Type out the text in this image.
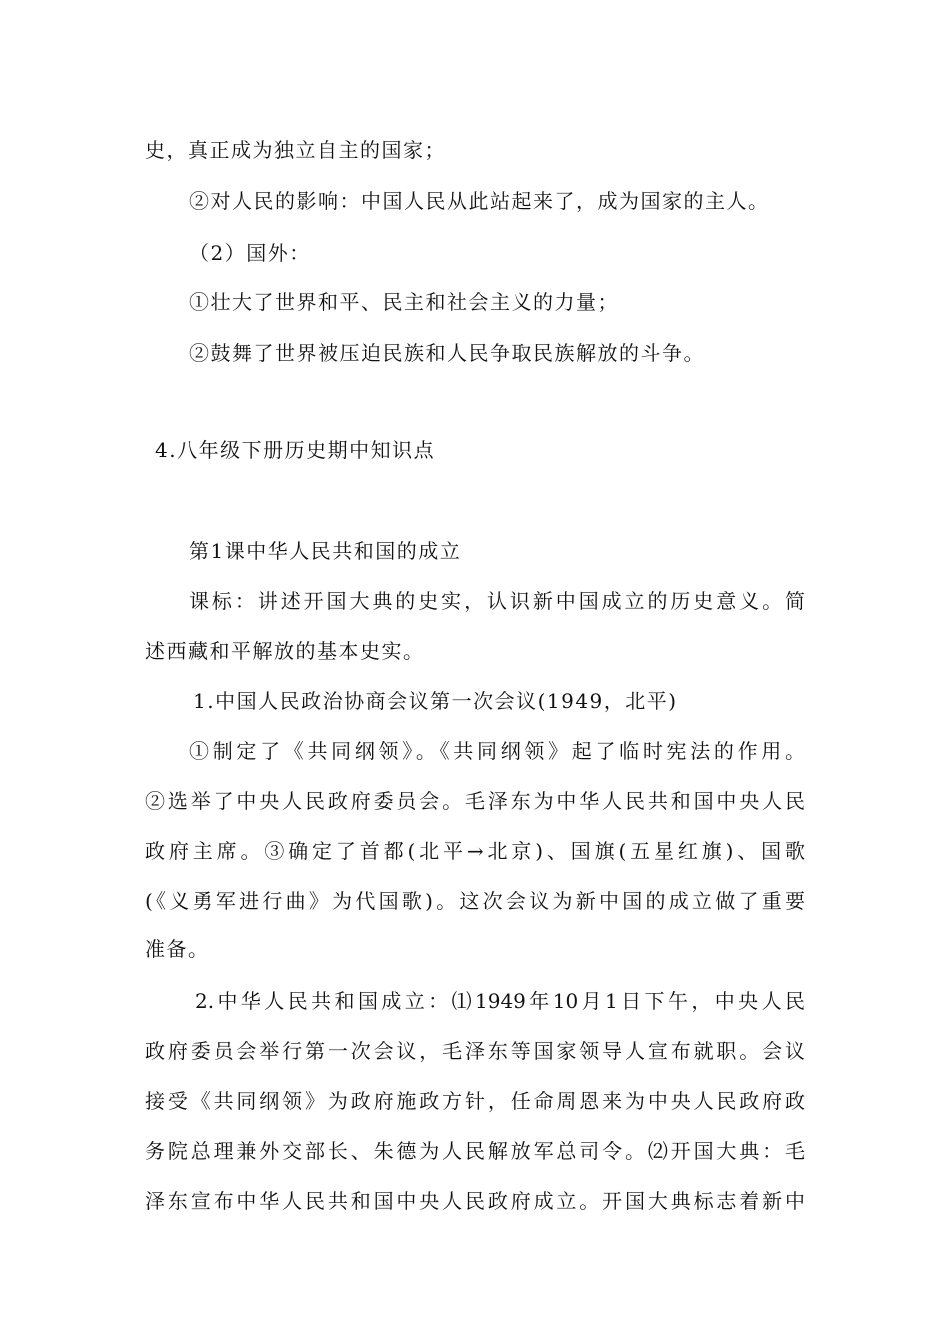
史，真正成为独立自主的国家；
②对人民的影响：中国人民从此站起来了，成为国家的主人。
（2）国外：
①壮大了世界和平、民主和社会主义的力量；
②鼓舞了世界被压迫民族和人民争取民族解放的斗争。
4.八年级下册历史期中知识点
第1课中华人民共和国的成立
课标：讲述开国大典的史实，认识新中国成立的历史意义。简
述西藏和平解放的基本史实。
1.中国人民政治协商会议第一次会议(1949，北平)
①制定了《共同纲领》。《共同纲领》起了临时宪法的作用。
②选举了中央人民政府委员会。毛泽东为中华人民共和国中央人民
政府主席。③确定了首都(北平→北京)、国旗(五星红旗)、国歌
(《义勇军进行曲》为代国歌)。这次会议为新中国的成立做了重要
准备。
2.中华人民共和国成立：⑴1949年10月1日下午，中央人民
政府委员会举行第一次会议，毛泽东等国家领导人宣布就职。会议
接受《共同纲领》为政府施政方针，任命周恩来为中央人民政府政
务院总理兼外交部长、朱德为人民解放军总司令。⑵开国大典：毛
泽东宣布中华人民共和国中央人民政府成立。开国大典标志着新中
